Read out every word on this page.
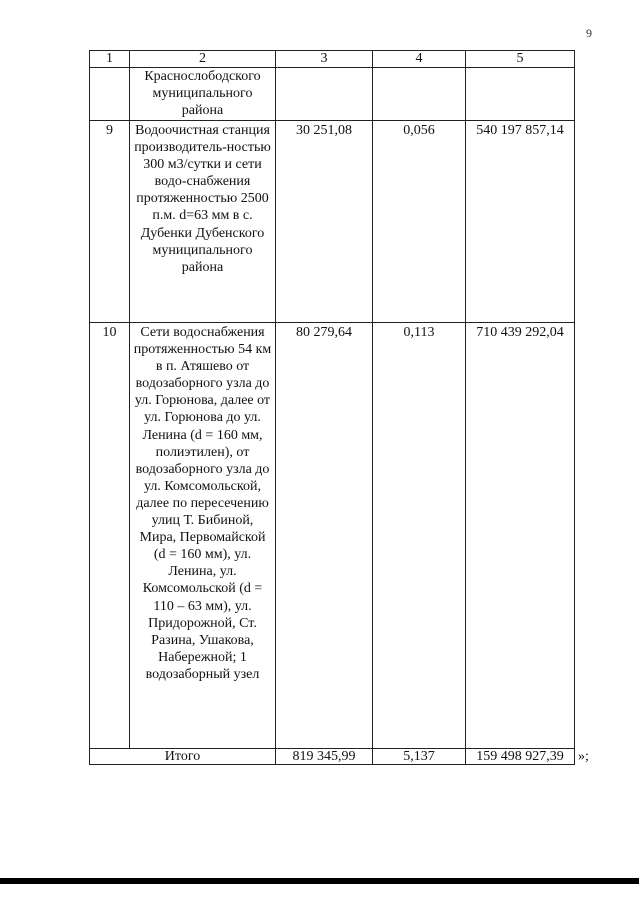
9
1	2	3	4	5
	Краснослободского муниципального района			
9	Водоочистная станция производитель-ностью 300 м3/сутки и сети водо-снабжения протяженностью 2500 п.м. d=63 мм в с. Дубенки Дубенского муниципального района	30 251,08	0,056	540 197 857,14
10	Сети водоснабжения протяженностью 54 км в п. Атяшево от водозаборного узла до ул. Горюнова, далее от ул. Горюнова до ул. Ленина (d = 160 мм, полиэтилен), от водозаборного узла до ул. Комсомольской, далее по пересечению улиц Т. Бибиной, Мира, Первомайской (d = 160 мм), ул. Ленина, ул. Комсомольской (d = 110 – 63 мм), ул. Придорожной, Ст. Разина, Ушакова, Набережной; 1 водозаборный узел	80 279,64	0,113	710 439 292,04
Итого		819 345,99	5,137	159 498 927,39 »;
